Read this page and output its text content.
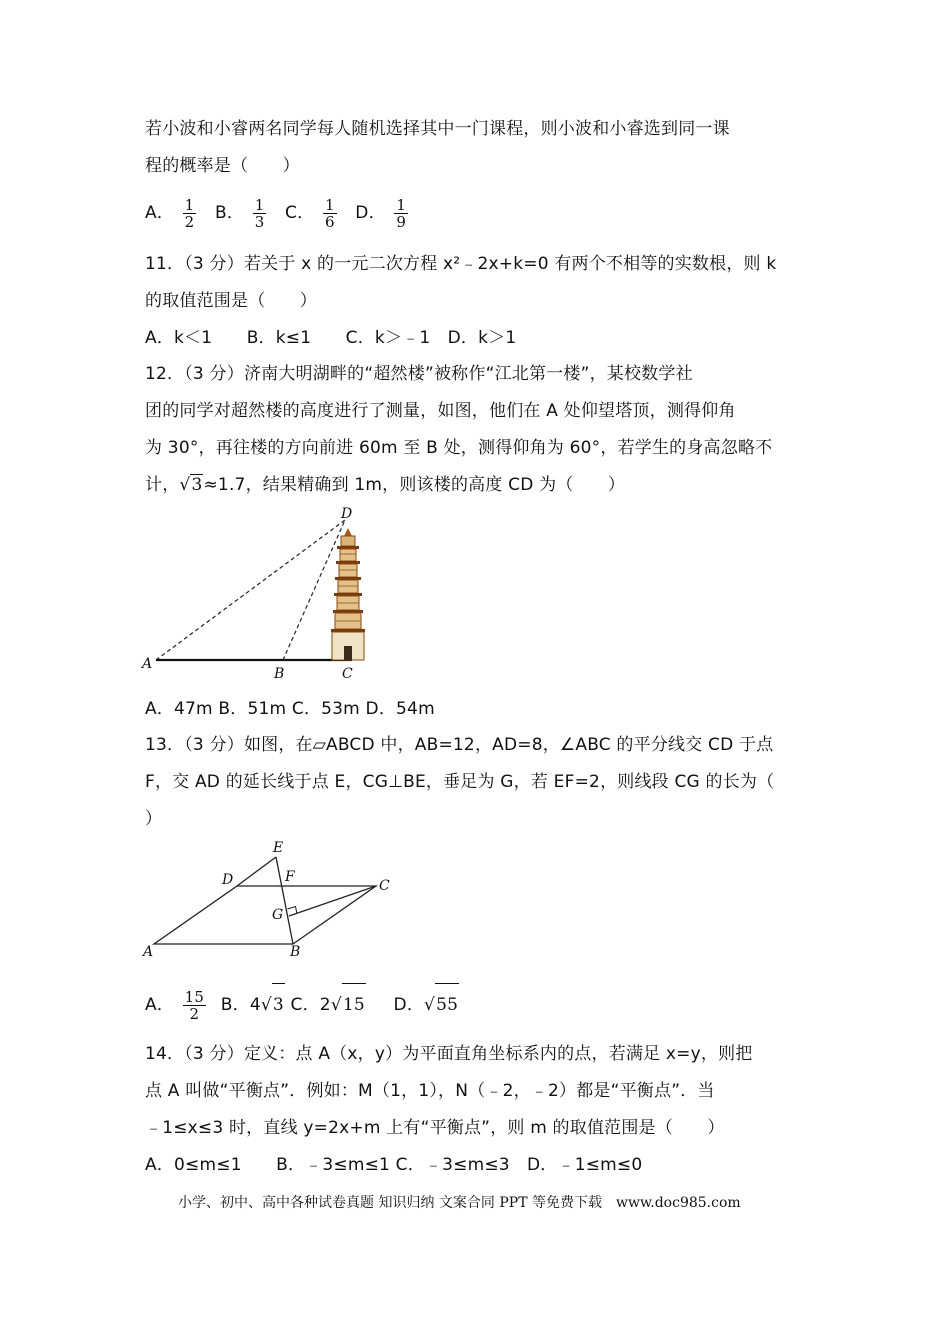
若小波和小睿两名同学每人随机选择其中一门课程，则小波和小睿选到同一课
程的概率是（　　）
A． $\frac{1}{2}$ B． $\frac{1}{3}$ C． $\frac{1}{6}$ D． $\frac{1}{9}$
11．（3 分）若关于 x 的一元二次方程 x²﹣2x+k=0 有两个不相等的实数根，则 k
的取值范围是（　　）
A．k＜1　　B．k≤1　　C．k＞﹣1　D．k＞1
12．（3 分）济南大明湖畔的“超然楼”被称作“江北第一楼”，某校数学社
团的同学对超然楼的高度进行了测量，如图，他们在 A 处仰望塔顶，测得仰角
为 30°，再往楼的方向前进 60m 至 B 处，测得仰角为 60°，若学生的身高忽略不
计，√3≈1.7，结果精确到 1m，则该楼的高度 CD 为（　　）
D
A
B	C
A．47m B．51m C．53m D．54m
13．（3 分）如图，在▱ABCD 中，AB=12，AD=8，∠ABC 的平分线交 CD 于点
F，交 AD 的延长线于点 E，CG⊥BE，垂足为 G，若 EF=2，则线段 CG 的长为（
）
E
D	F
C
G
A	B
A． $\frac{15}{2}$ B．4√3 C．2√15 D．√55
14．（3 分）定义：点 A（x，y）为平面直角坐标系内的点，若满足 x=y，则把
点 A 叫做“平衡点”．例如：M（1，1），N（﹣2，﹣2）都是“平衡点”．当
﹣1≤x≤3 时，直线 y=2x+m 上有“平衡点”，则 m 的取值范围是（　　）
A．0≤m≤1　　B．﹣3≤m≤1 C．﹣3≤m≤3　D．﹣1≤m≤0
小学、初中、高中各种试卷真题 知识归纳 文案合同 PPT 等免费下载　www.doc985.com
